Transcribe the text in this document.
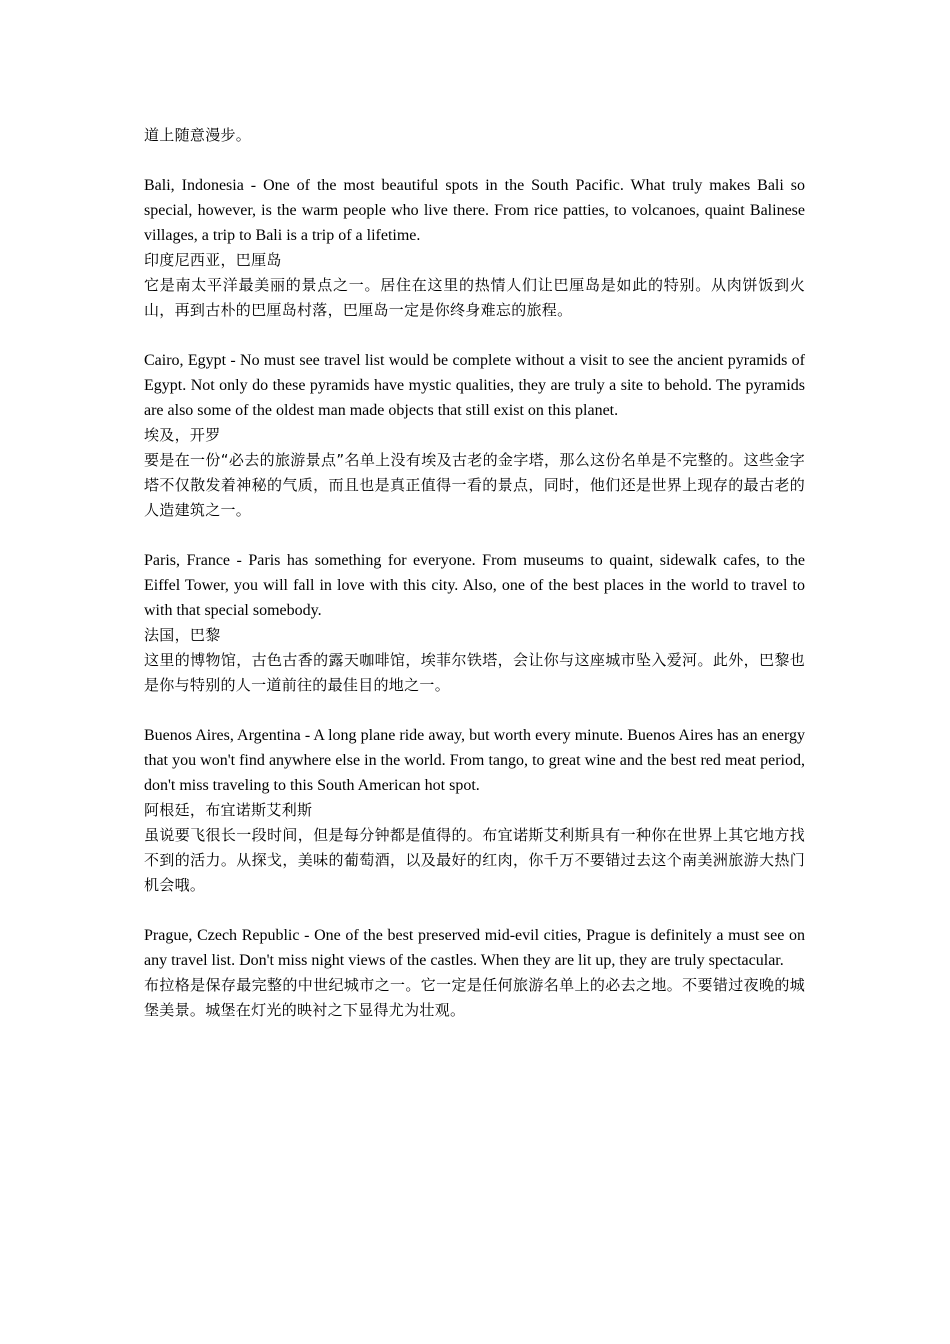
道上随意漫步。

Bali, Indonesia - One of the most beautiful spots in the South Pacific. What truly makes Bali so special, however, is the warm people who live there. From rice patties, to volcanoes, quaint Balinese villages, a trip to Bali is a trip of a lifetime.

印度尼西亚，巴厘岛

它是南太平洋最美丽的景点之一。居住在这里的热情人们让巴厘岛是如此的特别。从肉饼饭到火山，再到古朴的巴厘岛村落，巴厘岛一定是你终身难忘的旅程。

Cairo, Egypt - No must see travel list would be complete without a visit to see the ancient pyramids of Egypt. Not only do these pyramids have mystic qualities, they are truly a site to behold. The pyramids are also some of the oldest man made objects that still exist on this planet.

埃及，开罗

要是在一份“必去的旅游景点”名单上没有埃及古老的金字塔，那么这份名单是不完整的。这些金字塔不仅散发着神秘的气质，而且也是真正值得一看的景点，同时，他们还是世界上现存的最古老的人造建筑之一。

Paris, France - Paris has something for everyone. From museums to quaint, sidewalk cafes, to the Eiffel Tower, you will fall in love with this city. Also, one of the best places in the world to travel to with that special somebody.

法国，巴黎

这里的博物馆，古色古香的露天咖啡馆，埃菲尔铁塔，会让你与这座城市坠入爱河。此外，巴黎也是你与特别的人一道前往的最佳目的地之一。

Buenos Aires, Argentina - A long plane ride away, but worth every minute. Buenos Aires has an energy that you won't find anywhere else in the world. From tango, to great wine and the best red meat period, don't miss traveling to this South American hot spot.

阿根廷，布宜诺斯艾利斯

虽说要飞很长一段时间，但是每分钟都是值得的。布宜诺斯艾利斯具有一种你在世界上其它地方找不到的活力。从探戈，美味的葡萄酒，以及最好的红肉，你千万不要错过去这个南美洲旅游大热门机会哦。

Prague, Czech Republic - One of the best preserved mid-evil cities, Prague is definitely a must see on any travel list. Don't miss night views of the castles. When they are lit up, they are truly spectacular.

布拉格是保存最完整的中世纪城市之一。它一定是任何旅游名单上的必去之地。不要错过夜晚的城堡美景。城堡在灯光的映衬之下显得尤为壮观。
